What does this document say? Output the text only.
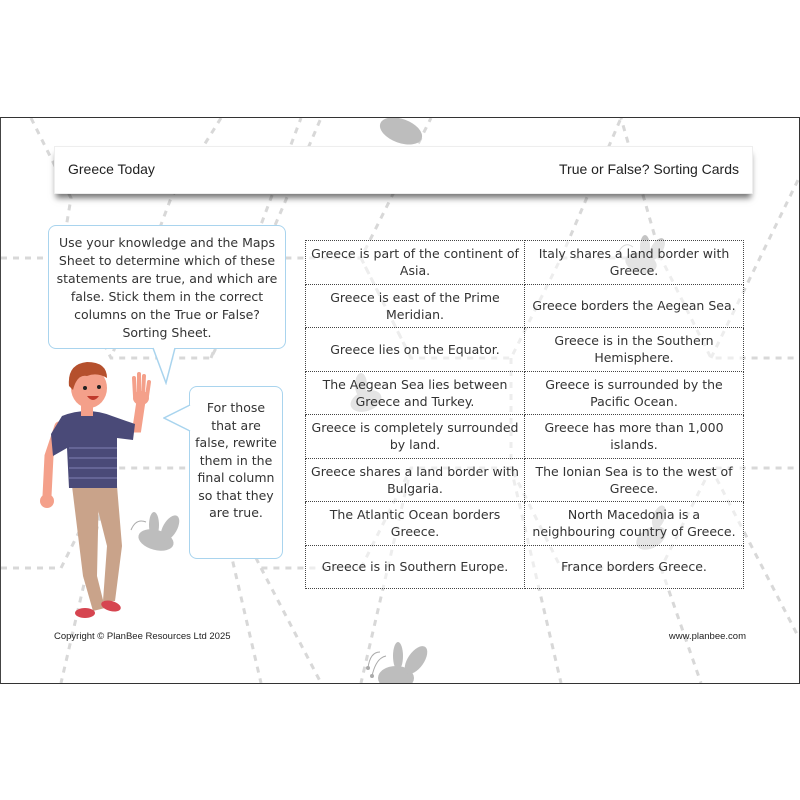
Greece Today	True or False? Sorting Cards
Use your knowledge and the Maps Sheet to determine which of these statements are true, and which are false. Stick them in the correct columns on the True or False? Sorting Sheet.
For those that are false, rewrite them in the final column so that they are true.
Greece is part of the continent of Asia.	Italy shares a land border with Greece.
Greece is east of the Prime Meridian.	Greece borders the Aegean Sea.
Greece lies on the Equator.	Greece is in the Southern Hemisphere.
The Aegean Sea lies between Greece and Turkey.	Greece is surrounded by the Pacific Ocean.
Greece is completely surrounded by land.	Greece has more than 1,000 islands.
Greece shares a land border with Bulgaria.	The Ionian Sea is to the west of Greece.
The Atlantic Ocean borders Greece.	North Macedonia is a neighbouring country of Greece.
Greece is in Southern Europe.	France borders Greece.
Copyright © PlanBee Resources Ltd 2025	www.planbee.com
